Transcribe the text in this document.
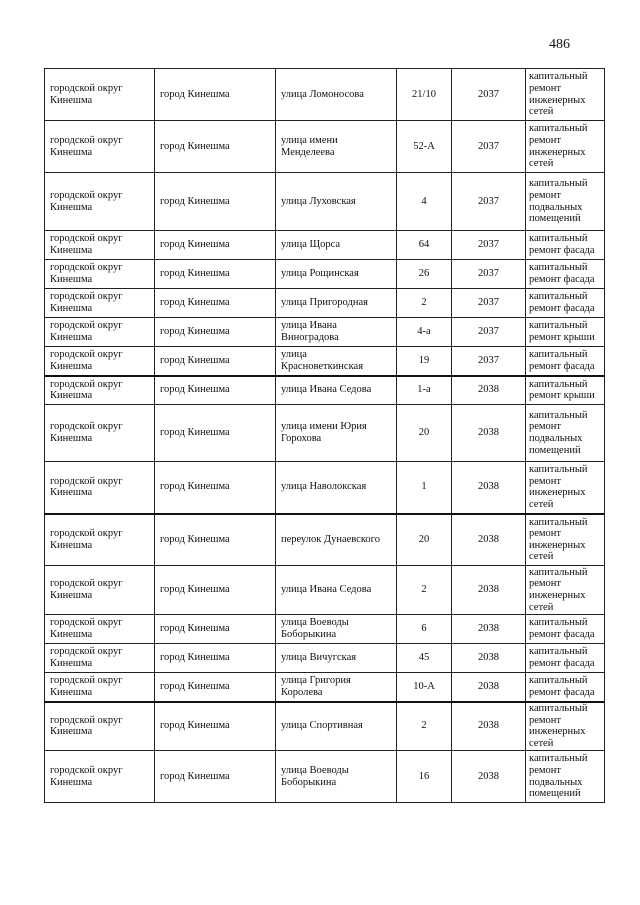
486
городской округ Кинешма	город Кинешма	улица Ломоносова	21/10	2037	капитальный ремонт инженерных сетей
городской округ Кинешма	город Кинешма	улица имени Менделеева	52-А	2037	капитальный ремонт инженерных сетей
городской округ Кинешма	город Кинешма	улица Луховская	4	2037	капитальный ремонт подвальных помещений
городской округ Кинешма	город Кинешма	улица Щорса	64	2037	капитальный ремонт фасада
городской округ Кинешма	город Кинешма	улица Рощинская	26	2037	капитальный ремонт фасада
городской округ Кинешма	город Кинешма	улица Пригородная	2	2037	капитальный ремонт фасада
городской округ Кинешма	город Кинешма	улица Ивана Виноградова	4-а	2037	капитальный ремонт крыши
городской округ Кинешма	город Кинешма	улица Красноветкинская	19	2037	капитальный ремонт фасада
городской округ Кинешма	город Кинешма	улица Ивана Седова	1-а	2038	капитальный ремонт крыши
городской округ Кинешма	город Кинешма	улица имени Юрия Горохова	20	2038	капитальный ремонт подвальных помещений
городской округ Кинешма	город Кинешма	улица Наволокская	1	2038	капитальный ремонт инженерных сетей
городской округ Кинешма	город Кинешма	переулок Дунаевского	20	2038	капитальный ремонт инженерных сетей
городской округ Кинешма	город Кинешма	улица Ивана Седова	2	2038	капитальный ремонт инженерных сетей
городской округ Кинешма	город Кинешма	улица Воеводы Боборыкина	6	2038	капитальный ремонт фасада
городской округ Кинешма	город Кинешма	улица Вичугская	45	2038	капитальный ремонт фасада
городской округ Кинешма	город Кинешма	улица Григория Королева	10-А	2038	капитальный ремонт фасада
городской округ Кинешма	город Кинешма	улица Спортивная	2	2038	капитальный ремонт инженерных сетей
городской округ Кинешма	город Кинешма	улица Воеводы Боборыкина	16	2038	капитальный ремонт подвальных помещений
